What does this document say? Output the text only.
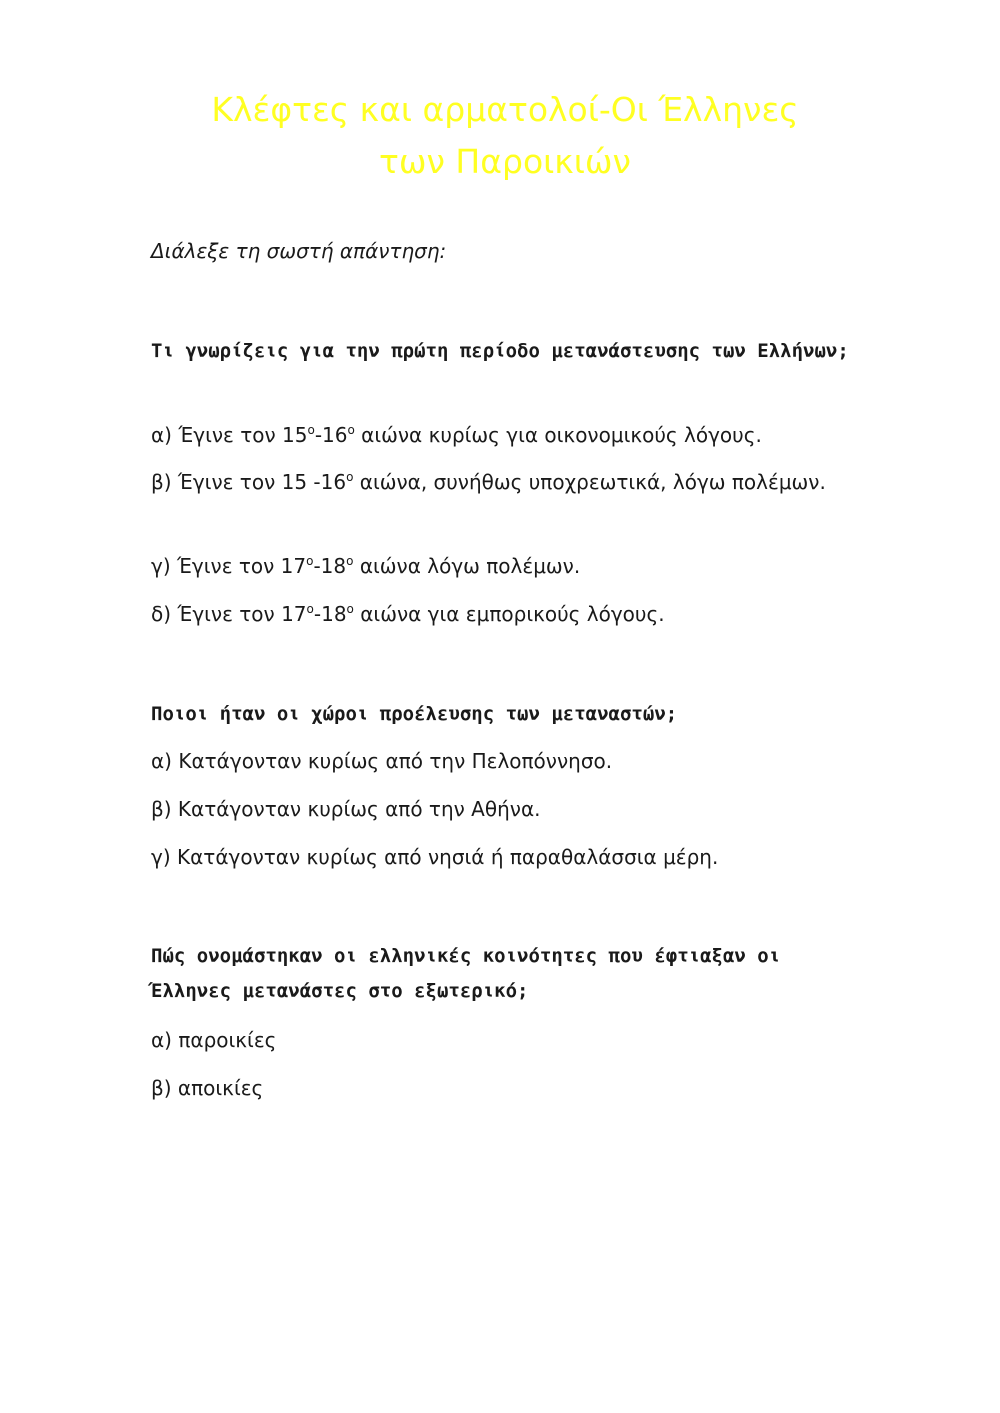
Κλέφτες και αρματολοί-Οι Έλληνες
των Παροικιών
Διάλεξε τη σωστή απάντηση:
Τι γνωρίζεις για την πρώτη περίοδο μετανάστευσης των Ελλήνων;
α) Έγινε τον $15^o-16^o$ αιώνα κυρίως για οικονομικούς λόγους.
β) Έγινε τον 15 $-16^o$ αιώνα, συνήθως υποχρεωτικά, λόγω πολέμων.
γ) Έγινε τον $17^o-18^o$ αιώνα λόγω πολέμων.
δ) Έγινε τον $17^o-18^o$ αιώνα για εμπορικούς λόγους.
Ποιοι ήταν οι χώροι προέλευσης των μεταναστών;
α) Κατάγονταν κυρίως από την Πελοπόννησο.
β) Κατάγονταν κυρίως από την Αθήνα.
γ) Κατάγονταν κυρίως από νησιά ή παραθαλάσσια μέρη.
Πώς ονομάστηκαν οι ελληνικές κοινότητες που έφτιαξαν οι Έλληνες μετανάστες στο εξωτερικό;
α) παροικίες
β) αποικίες
